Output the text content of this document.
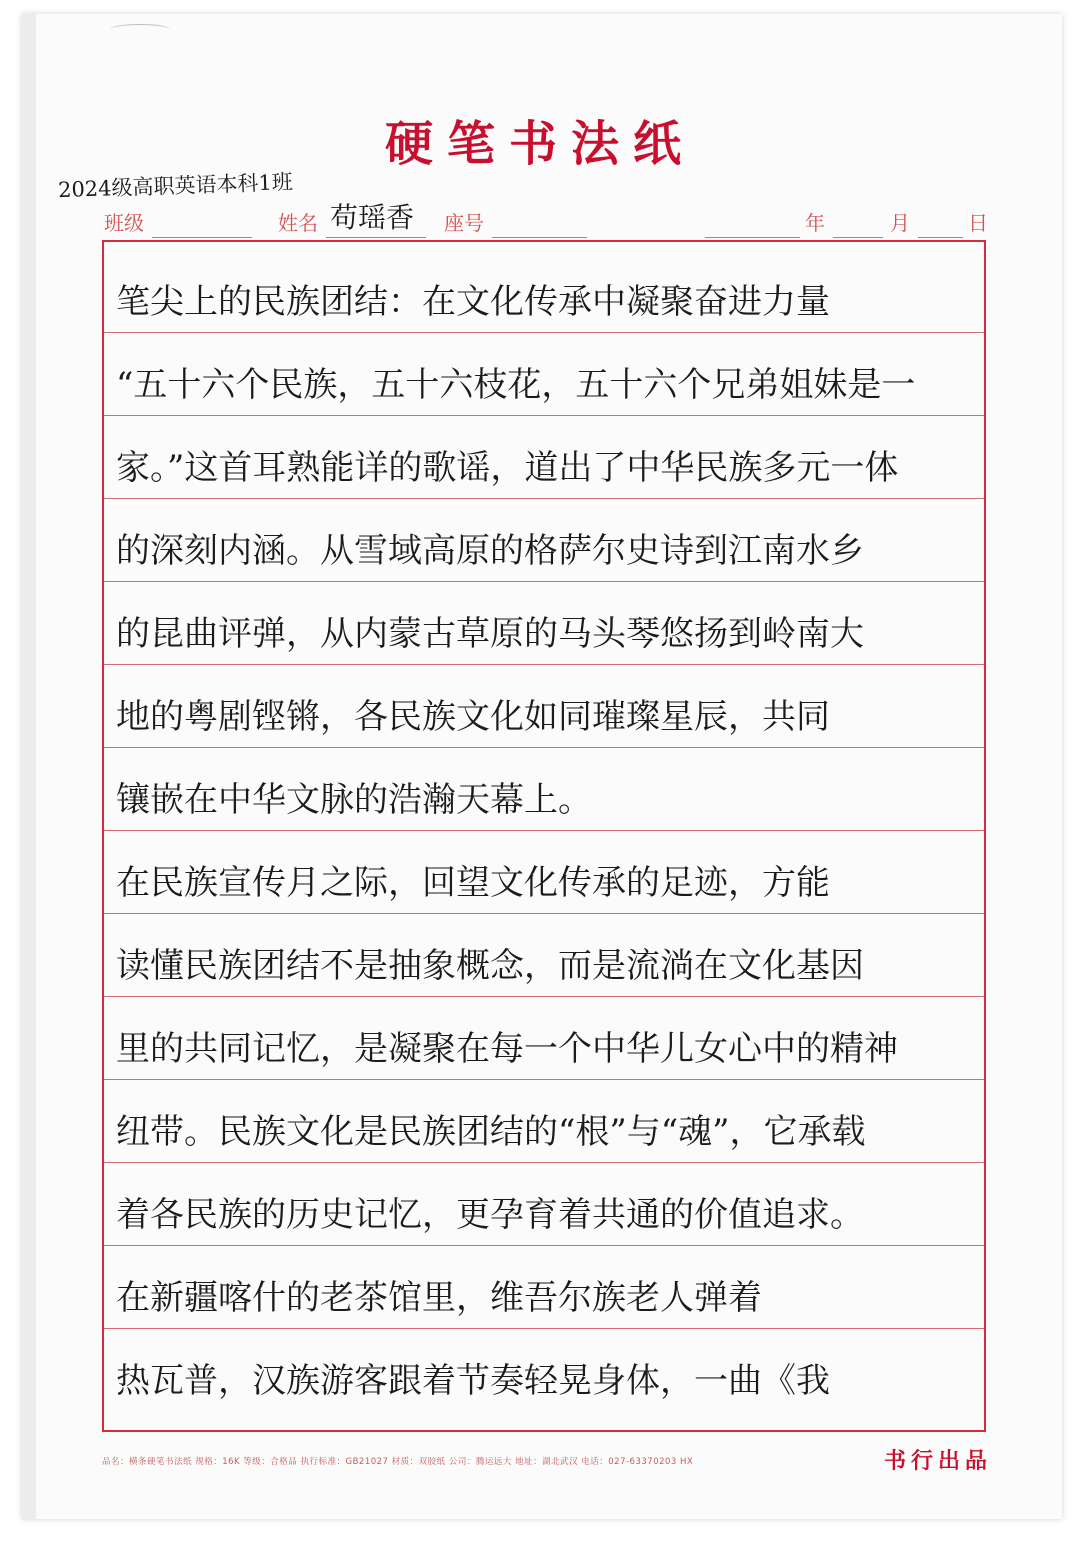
硬笔书法纸
2024级高职英语本科1班
班级	姓名	座号	年	月	日
苟瑶香
笔尖上的民族团结：在文化传承中凝聚奋进力量
“五十六个民族，五十六枝花，五十六个兄弟姐妹是一
家。”这首耳熟能详的歌谣，道出了中华民族多元一体
的深刻内涵。从雪域高原的格萨尔史诗到江南水乡
的昆曲评弹，从内蒙古草原的马头琴悠扬到岭南大
地的粤剧铿锵，各民族文化如同璀璨星辰，共同
镶嵌在中华文脉的浩瀚天幕上。
在民族宣传月之际，回望文化传承的足迹，方能
读懂民族团结不是抽象概念，而是流淌在文化基因
里的共同记忆，是凝聚在每一个中华儿女心中的精神
纽带。民族文化是民族团结的“根”与“魂”，它承载
着各民族的历史记忆，更孕育着共通的价值追求。
在新疆喀什的老茶馆里，维吾尔族老人弹着
热瓦普，汉族游客跟着节奏轻晃身体，一曲《我
品名：横条硬笔书法纸 规格：16K 等级：合格品 执行标准：GB21027 材质：双胶纸 公司：腾运远大 地址：湖北武汉 电话：027-63370203 HX	书行出品
